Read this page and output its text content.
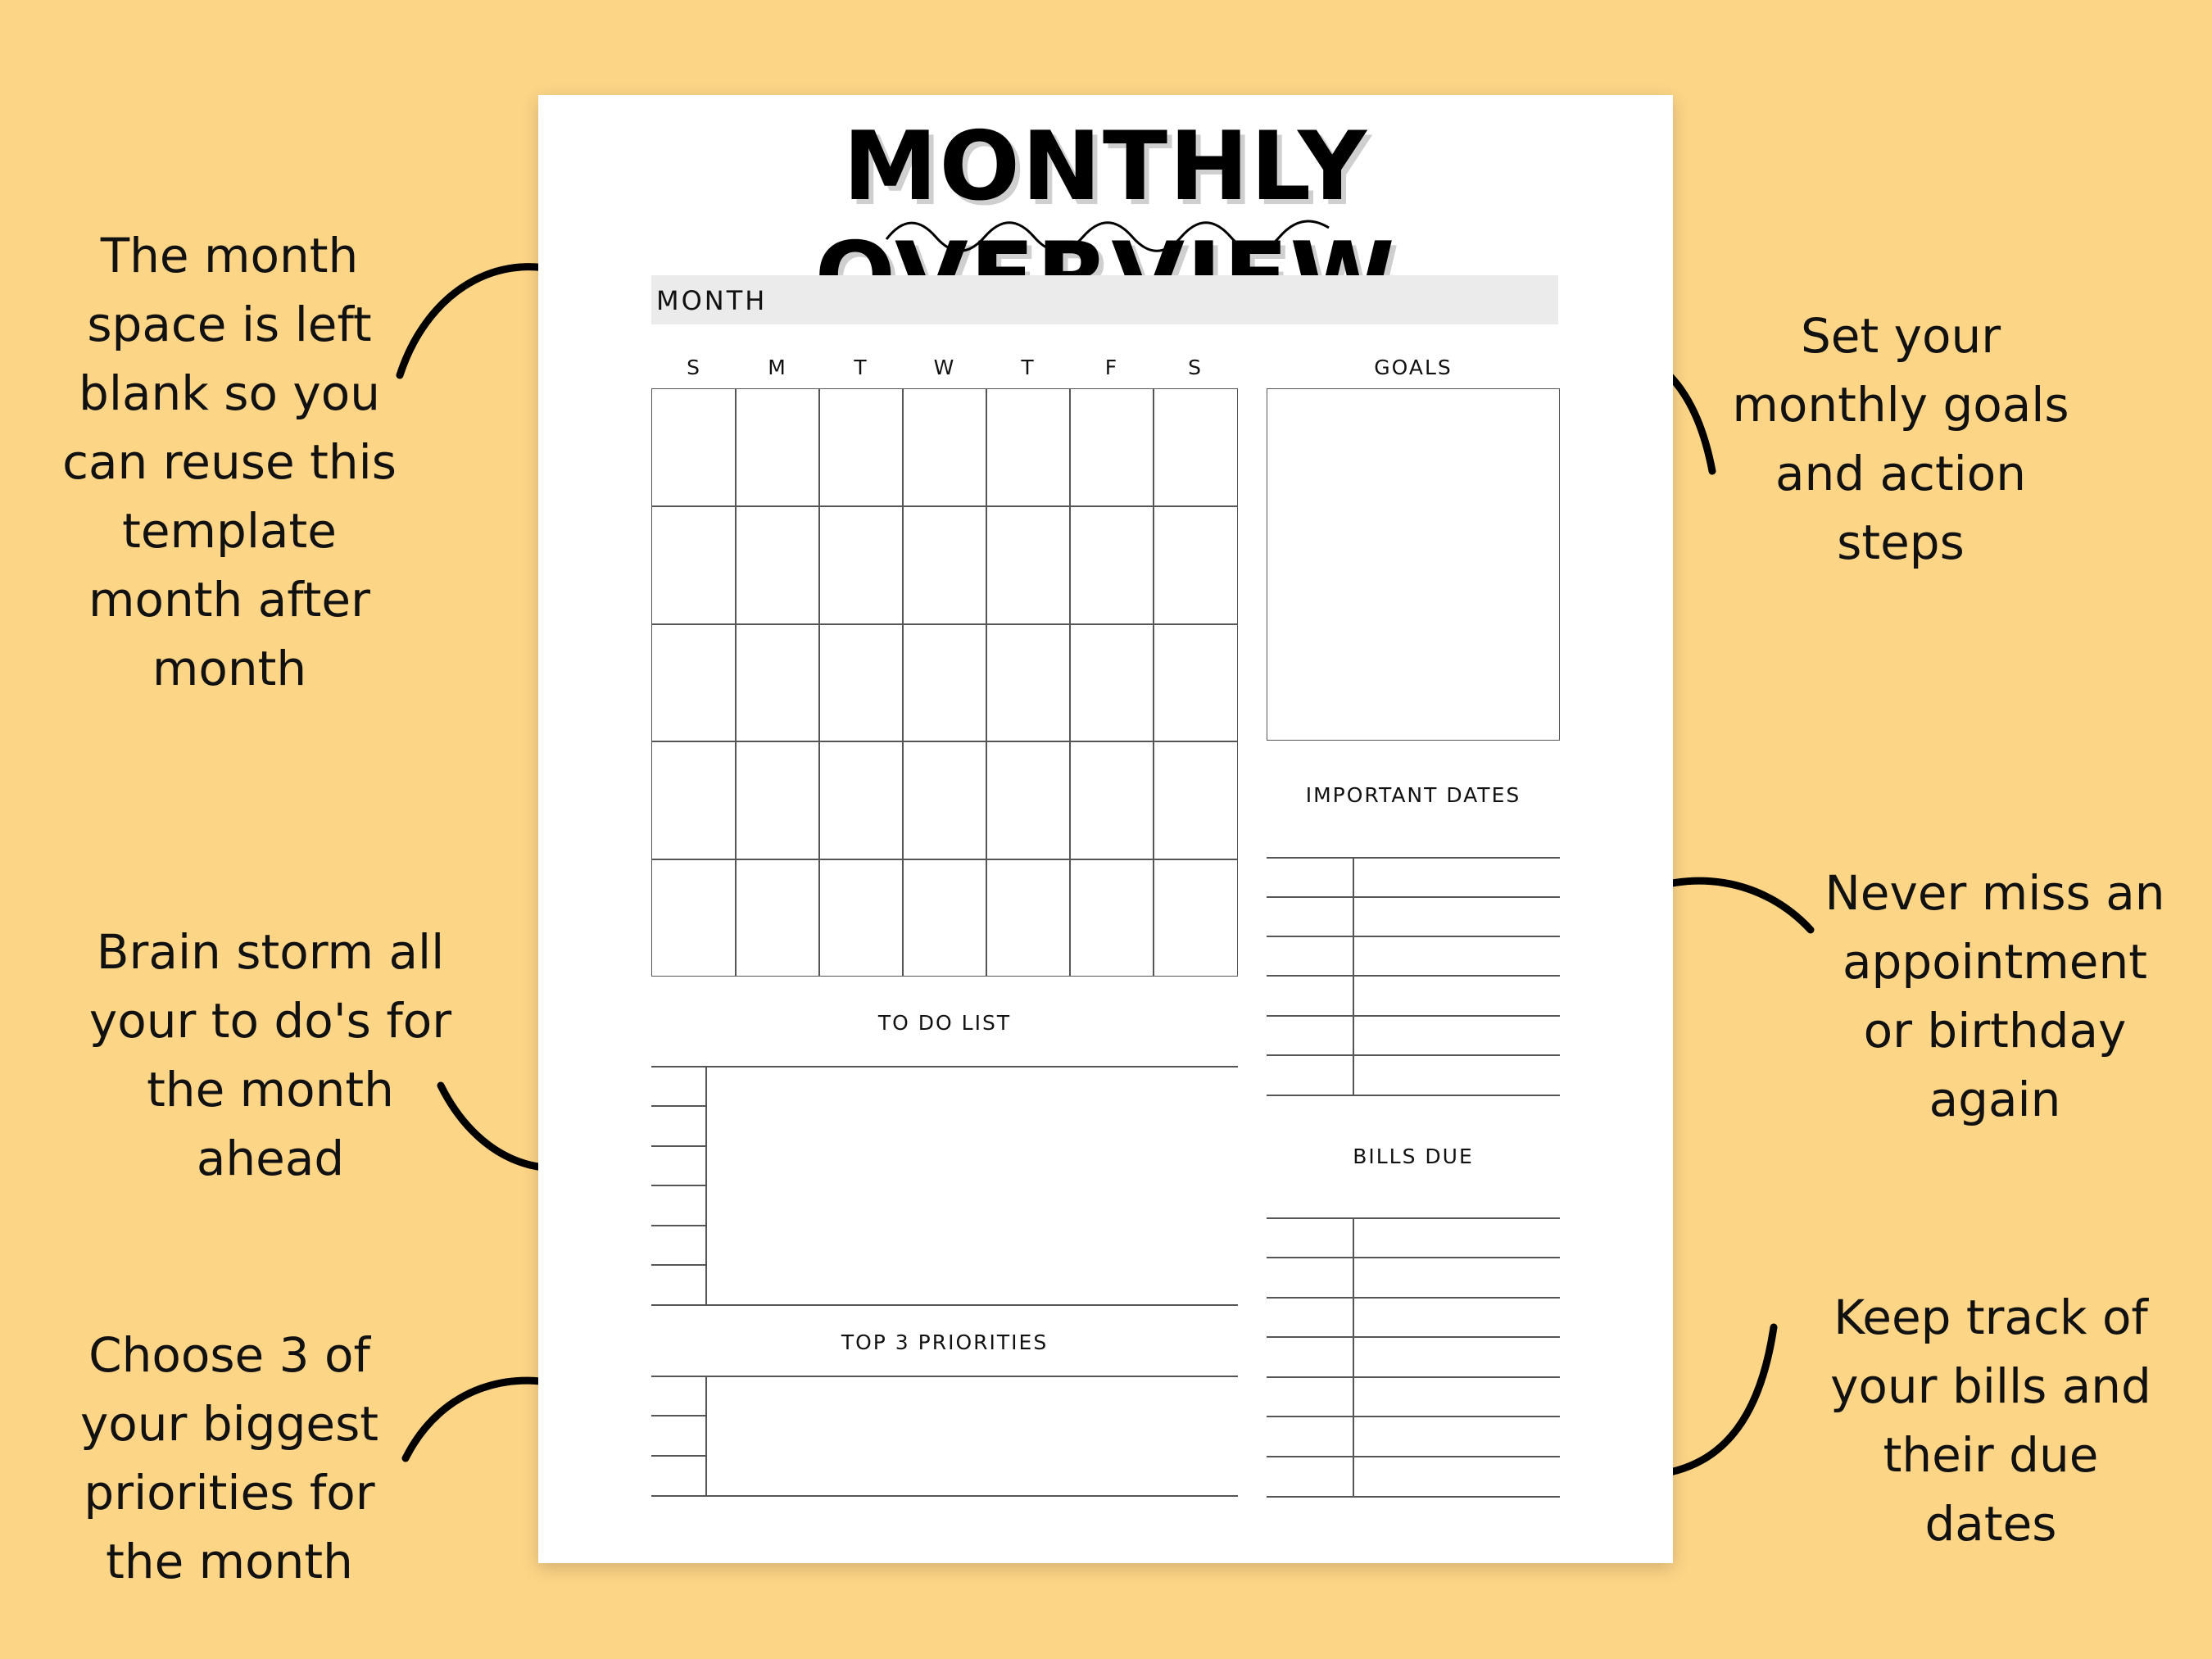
The month
space is left
blank so you
can reuse this
template
month after
month
Brain storm all
your to do's for
the month
ahead
Choose 3 of
your biggest
priorities for
the month
Set your
monthly goals
and action
steps
Never miss an
appointment
or birthday
again
Keep track of
your bills and
their due
dates
MONTHLY
MONTH
S	M	T	W	T	F	S	GOALS
IMPORTANT DATES
BILLS DUE
TO DO LIST
TOP 3 PRIORITIES
